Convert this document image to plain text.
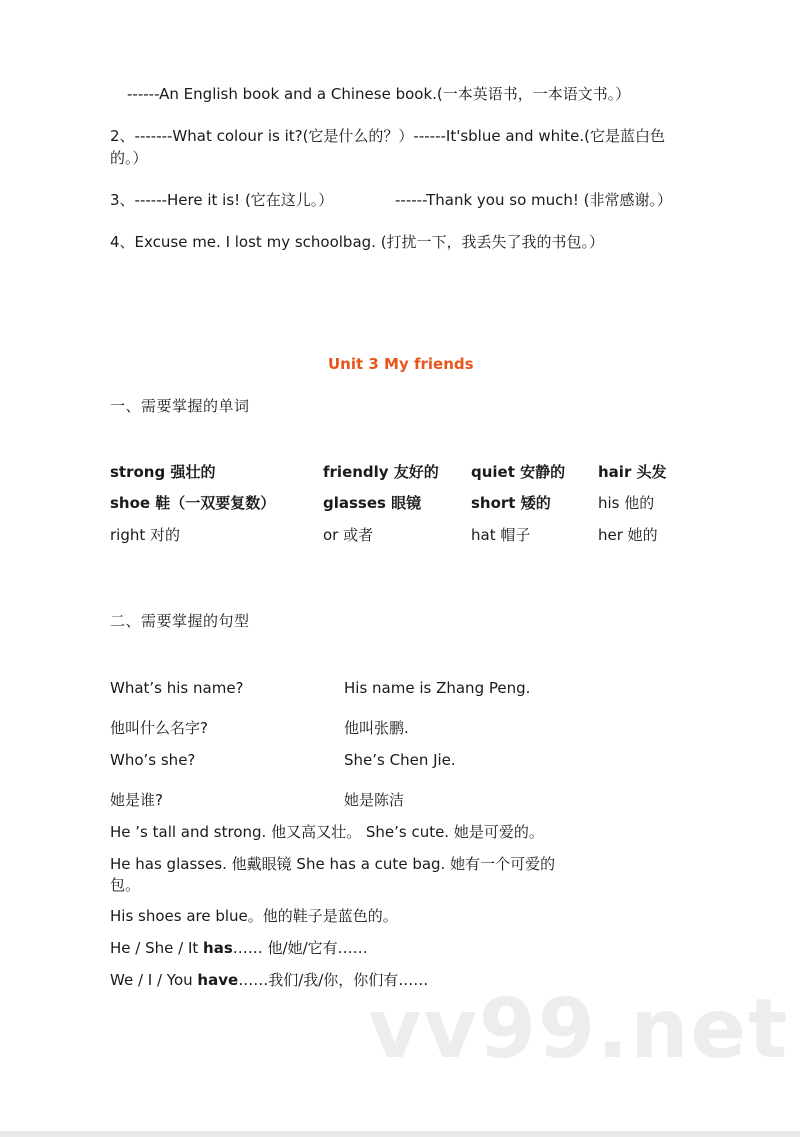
------An English book and a Chinese book.(一本英语书，一本语文书。）
2、-------What colour is it?(它是什么的？）------It'sblue and white.(它是蓝白色
的。）
3、------Here it is! (它在这儿。）	------Thank you so much! (非常感谢。）
4、Excuse me. I lost my schoolbag. (打扰一下，我丢失了我的书包。）
Unit 3 My friends
一、需要掌握的单词
strong 强壮的	friendly 友好的 quiet 安静的 hair 头发
shoe 鞋（一双要复数）	glasses 眼镜	short 矮的	his 他的
right 对的	or 或者	hat 帽子	her 她的
二、需要掌握的句型
What’s his name?	His name is Zhang Peng.
他叫什么名字?	他叫张鹏.
Who’s she?	She’s Chen Jie.
她是谁?	她是陈洁
He ’s tall and strong. 他又高又壮。 She’s cute. 她是可爱的。
He has glasses. 他戴眼镜 She has a cute bag. 她有一个可爱的
包。
His shoes are blue。他的鞋子是蓝色的。
He / She / It has…… 他/她/它有……
We / I / You have……我们/我/你，你们有……
vv99.net
